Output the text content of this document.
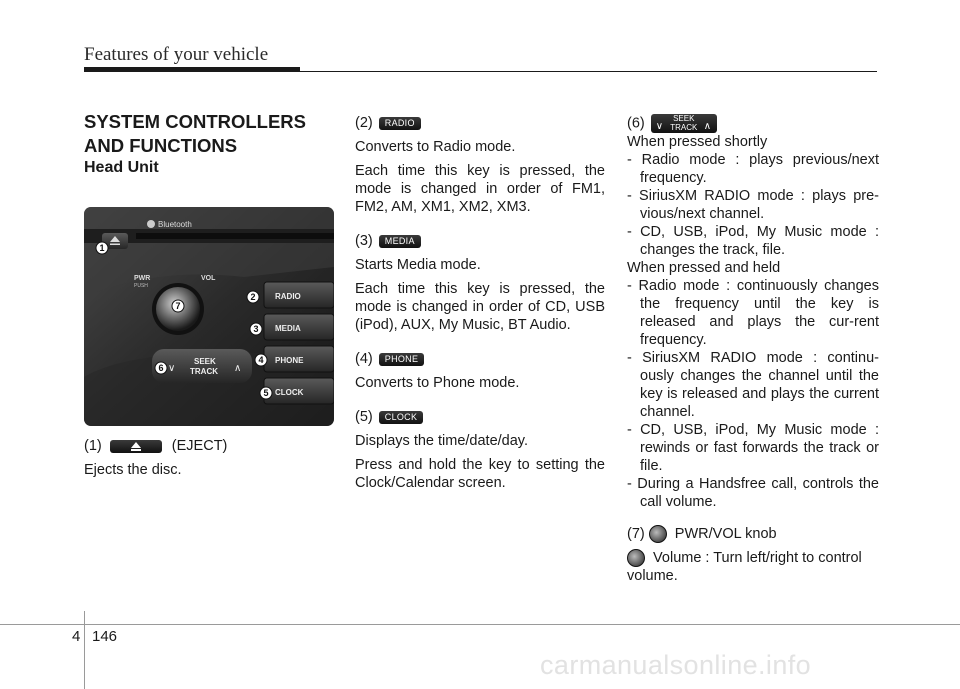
Features of your vehicle

SYSTEM CONTROLLERS
AND FUNCTIONS

Head Unit

Bluetooth
PWR
PUSH
VOL
∨	∧
SEEK
TRACK
RADIO
MEDIA
PHONE
CLOCK
1
2
3
4
5
6
7

(1)	(EJECT)

Ejects the disc.

(2) RADIO

Converts to Radio mode.

Each time this key is pressed, the mode is changed in order of FM1, FM2, AM, XM1, XM2, XM3.

(3) MEDIA

Starts Media mode.

Each time this key is pressed, the mode is changed in order of CD, USB (iPod), AUX, My Music, BT Audio.

(4) PHONE

Converts to Phone mode.

(5) CLOCK

Displays the time/date/day.

Press and hold the key to setting the Clock/Calendar screen.

(6) ∨
SEEK
TRACK ∧

When pressed shortly

- Radio mode : plays previous/next frequency.

- SiriusXM RADIO mode : plays pre-vious/next channel.

- CD, USB, iPod, My Music mode : changes the track, file.

When pressed and held

- Radio mode : continuously changes the frequency until the key is released and plays the cur-rent frequency.

- SiriusXM RADIO mode : continu-ously changes the channel until the key is released and plays the current channel.

- CD, USB, iPod, My Music mode : rewinds or fast forwards the track or file.

- During a Handsfree call, controls the call volume.

(7) PWR/VOL knob

Volume : Turn left/right to control volume.

4 146
carmanualsonline.info
